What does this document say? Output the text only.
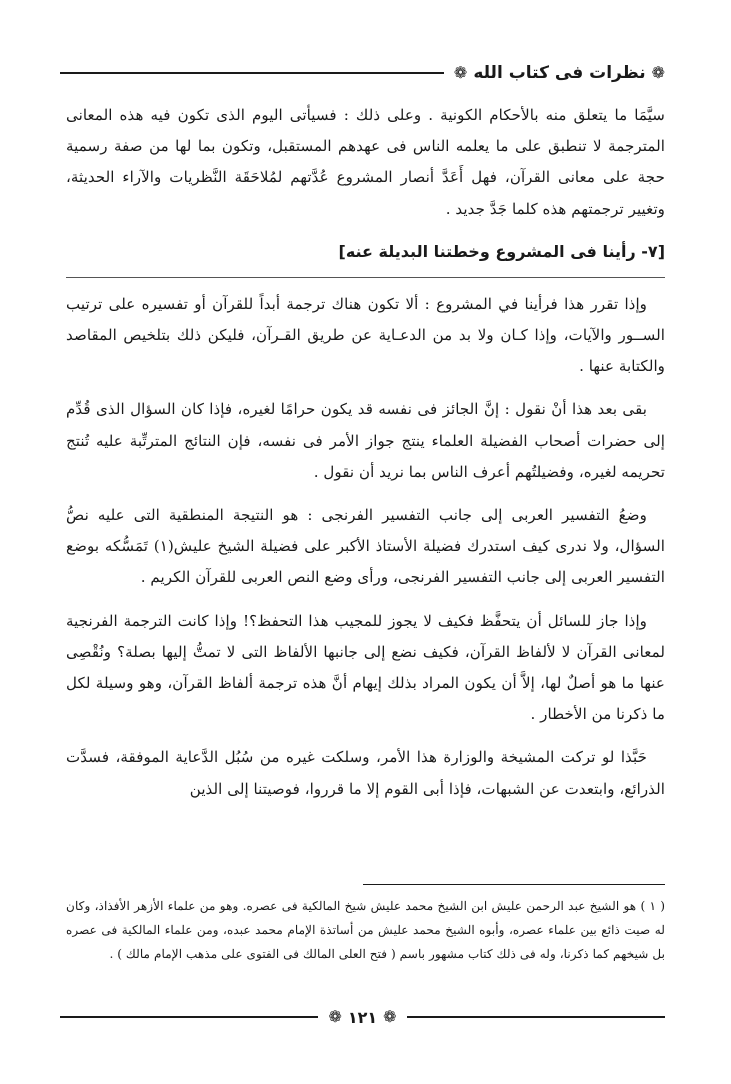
❁
نظرات فى كتاب الله
❁

سيَّمَا ما يتعلق منه بالأحكام الكونية . وعلى ذلك : فسيأتى اليوم الذى تكون فيه هذه المعانى المترجمة لا تنطبق على ما يعلمه الناس فى عهدهم المستقبل، وتكون بما لها من صفة رسمية حجة على معانى القرآن، فهل أَعَدَّ أنصار المشروع عُدَّتهم لمُلاحَقَة النَّظريات والآراء الحديثة، وتغيير ترجمتهم هذه كلما جَدَّ جديد .

[٧- رأينا فى المشروع وخطتنا البديلة عنه]

وإذا تقرر هذا فرأينا في المشروع : ألا تكون هناك ترجمة أبداً للقرآن أو تفسيره على ترتيب الســور والآيات، وإذا كـان ولا بد من الدعـاية عن طريق القـرآن، فليكن ذلك بتلخيص المقاصد والكتابة عنها .

بقى بعد هذا أنْ نقول : إنَّ الجائز فى نفسه قد يكون حرامًا لغيره، فإذا كان السؤال الذى قُدِّم إلى حضرات أصحاب الفضيلة العلماء ينتج جواز الأمر فى نفسه، فإن النتائج المترتِّبة عليه تُنتج تحريمه لغيره، وفضيلتُهم أعرف الناس بما نريد أن نقول .

وضعُ التفسير العربى إلى جانب التفسير الفرنجى : هو النتيجة المنطقية التى عليه نصُّ السؤال، ولا ندرى كيف استدرك فضيلة الأستاذ الأكبر على فضيلة الشيخ عليش(١) تَمَسُّكه بوضع التفسير العربى إلى جانب التفسير الفرنجى، ورأى وضع النص العربى للقرآن الكريم .

وإذا جاز للسائل أن يتحفَّظ فكيف لا يجوز للمجيب هذا التحفظ؟! وإذا كانت الترجمة الفرنجية لمعانى القرآن لا لألفاظ القرآن، فكيف نضع إلى جانبها الألفاظ التى لا تمتُّ إليها بصلة؟ ونُقْصِى عنها ما هو أصلٌ لها، إلاَّ أن يكون المراد بذلك إيهام أنَّ هذه ترجمة ألفاظ القرآن، وهو وسيلة لكل ما ذكرنا من الأخطار .

حَبَّذا لو تركت المشيخة والوزارة هذا الأمر، وسلكت غيره من سُبُل الدَّعاية الموفقة، فسدَّت الذرائع، وابتعدت عن الشبهات، فإذا أبى القوم إلا ما قرروا، فوصيتنا إلى الذين

( ١ ) هو الشيخ عبد الرحمن عليش ابن الشيخ محمد عليش شيخ المالكية فى عصره. وهو من علماء الأزهر الأفذاذ، وكان له صيت ذائع بين علماء عصره، وأبوه الشيخ محمد عليش من أساتذة الإمام محمد عبده، ومن علماء المالكية فى عصره بل شيخهم كما ذكرنا، وله فى ذلك كتاب مشهور باسم ( فتح العلى المالك فى الفتوى على مذهب الإمام مالك ) .
❁
١٢١
❁
